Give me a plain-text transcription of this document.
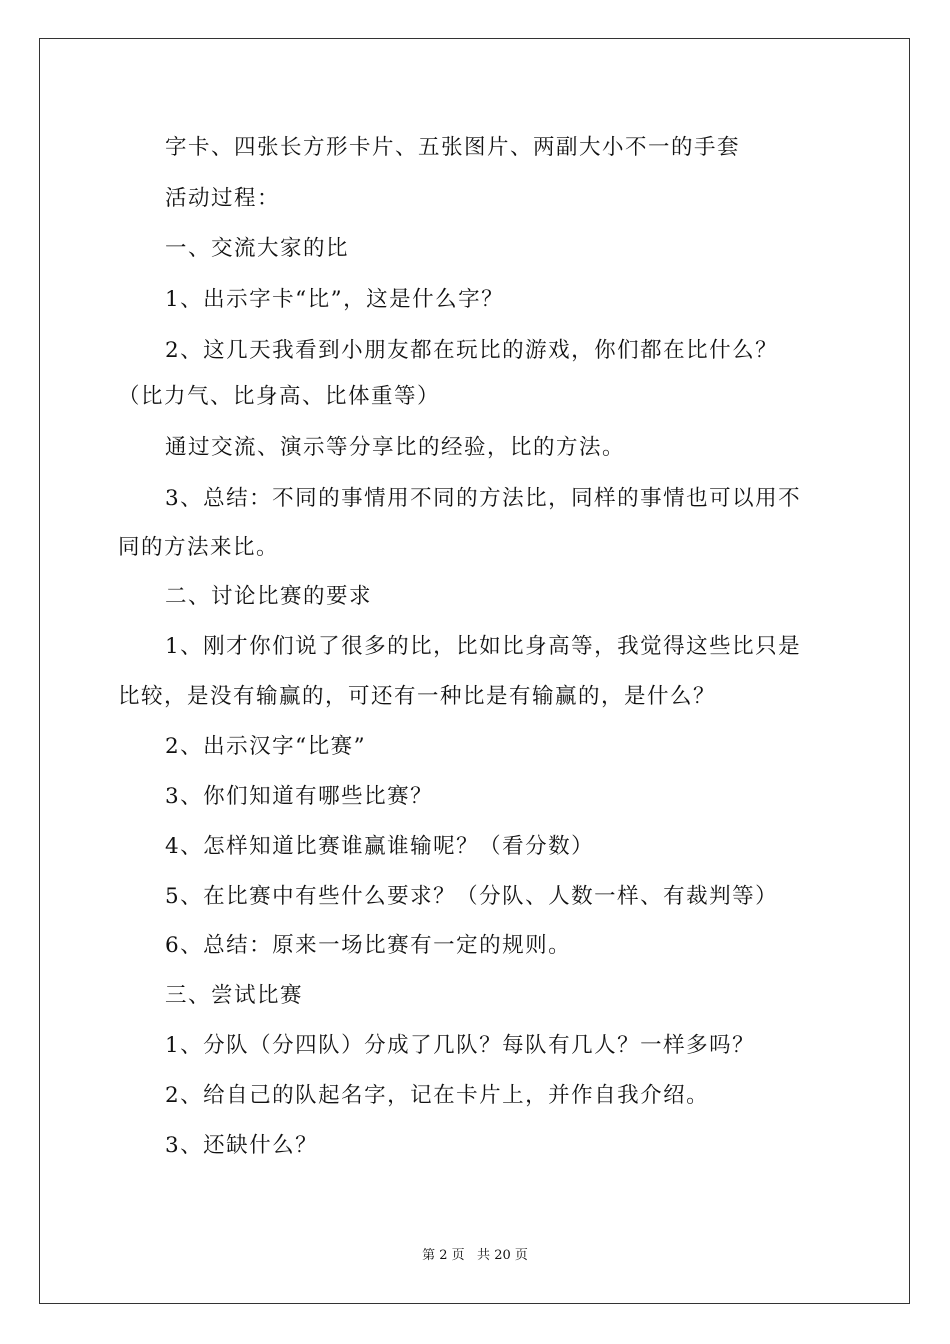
字卡、四张长方形卡片、五张图片、两副大小不一的手套
活动过程：
一、交流大家的比
1、出示字卡“比”，这是什么字？
2、这几天我看到小朋友都在玩比的游戏，你们都在比什么？
（比力气、比身高、比体重等）
通过交流、演示等分享比的经验，比的方法。
3、总结：不同的事情用不同的方法比，同样的事情也可以用不
同的方法来比。
二、讨论比赛的要求
1、刚才你们说了很多的比，比如比身高等，我觉得这些比只是
比较，是没有输赢的，可还有一种比是有输赢的，是什么？
2、出示汉字“比赛”
3、你们知道有哪些比赛？
4、怎样知道比赛谁赢谁输呢？（看分数）
5、在比赛中有些什么要求？（分队、人数一样、有裁判等）
6、总结：原来一场比赛有一定的规则。
三、尝试比赛
1、分队（分四队）分成了几队？每队有几人？一样多吗？
2、给自己的队起名字，记在卡片上，并作自我介绍。
3、还缺什么？
第 2 页   共 20 页
